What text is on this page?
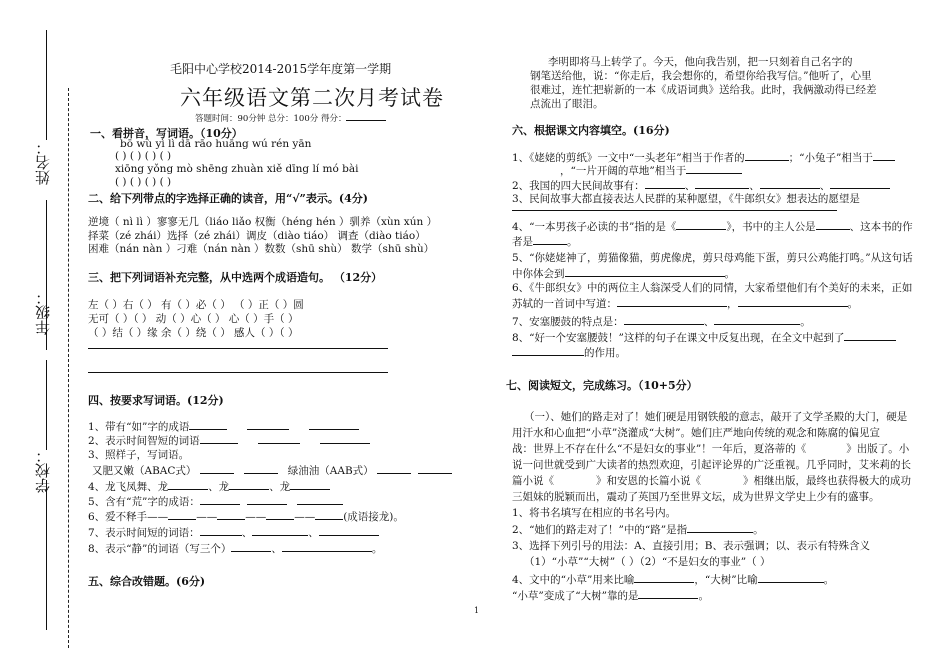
姓名：
年级：
学校：
毛阳中心学校2014-2015学年度第一学期
六年级语文第二次月考试卷
答题时间：90分钟 总分：100分 得分：
一、看拼音，写词语。（10分）
bō wù yì lì dā rāo huāng wú rén yān
( ) ( ) ( ) ( )
xiōng yǒng mò shēng zhuàn xiě dīng lí mó bài
( ) ( ) ( ) ( )
二、给下列带点的字选择正确的读音，用“√”表示。(4分)
逆境（ nì lì ）寥寥无几（liáo liǎo 权衡（héng hén ）驯养（xùn xún ）
择菜（zé zhái）选择（zé zhái）调皮（diào tiáo） 调查（diào tiáo）
困难（nán nàn ）刁难（nán nàn ）数数（shū shù） 数学（shū shù）
三、把下列词语补充完整，从中选两个成语造句。 （12分）
左（ ）右（ ） 有（ ）必（ ） （ ）正（ ）圆
无可（ ）（ ） 动（ ）心（ ） 心（ ）手（ ）
（ ）结（ ）缘 余（ ）绕（ ） 感人（ ）（ ）
四、按要求写词语。(12分)
1、带有“如”字的成语
2、表示时间智短的词语
3、照样子，写词语。
又肥又嫩（ABAC式）	绿油油（AAB式）
4、龙飞凤舞、龙	、龙	、龙
5、含有“荒”字的成语：
6、爱不释手——	——	——	——	(成语接龙)。
7、表示时间短的词语：	、	、
8、表示“静”的词语（写三个）	、	。
五、综合改错题。(6分)
李明即将马上转学了。今天，他向我告别，把一只刻着自己名字的
钢笔送给他，说：“你走后，我会想你的，希望你给我写信。”他听了，心里
很难过，连忙把崭新的一本《成语词典》送给我。此时，我俩激动得已经差
点流出了眼泪。
六、根据课文内容填空。(16分)
1、《姥姥的剪纸》一文中“一头老年”相当于作者的	；“小兔子”相当于
，“一片开阔的草地”相当于
2、我国的四大民间故事有：	、	、	、
3、民间故事大都直接表达人民群的某种愿望，《牛郎织女》想表达的愿望是
4、“一本男孩子必读的书”指的是《	》，书中的主人公是	、这本书的作
者是	。
5、“你姥姥神了，剪猫像猫，剪虎像虎，剪只母鸡能下蛋，剪只公鸡能打鸣。”从这句话
中你体会到	。
6、《牛郎织女》中的两位主人翁深受人们的同情，大家希望他们有个美好的未来，正如
苏轼的一首词中写道：	，	。
7、安塞腰鼓的特点是：	、	。
8、“好一个安塞腰鼓！”这样的句子在课文中反复出现，在全文中起到了
的作用。
七、阅读短文，完成练习。（10+5分）
（一）、她们的路走对了！她们硬是用钢铁般的意志，敲开了文学圣殿的大门，硬是
用汗水和心血把“小草”浇灌成“大树”。她们庄严地向传统的观念和陈腐的偏见宣
战：世界上不存在什么“不是妇女的事业”！一年后，夏洛蒂的《	》出版了。小
说一问世就受到广大读者的热烈欢迎，引起评论界的广泛重视。几乎同时，艾米莉的长
篇小说《	》和安恩的长篇小说《	》相继出版，最终也获得极大的成功
三姐妹的脱颖而出，震动了英国乃至世界文坛，成为世界文学史上少有的盛事。
1、将书名填写在相应的书名号内。
2、“她们的路走对了！”中的“路”是指	。
3、选择下列引号的用法：A、直接引用；B、表示强调；以、表示有特殊含义
（1）“小草”“大树”（ ）（2）“不是妇女的事业”（ ）
4、文中的“小草”用来比喻	，“大树”比喻	。
“小草”变成了“大树”靠的是	。
1
